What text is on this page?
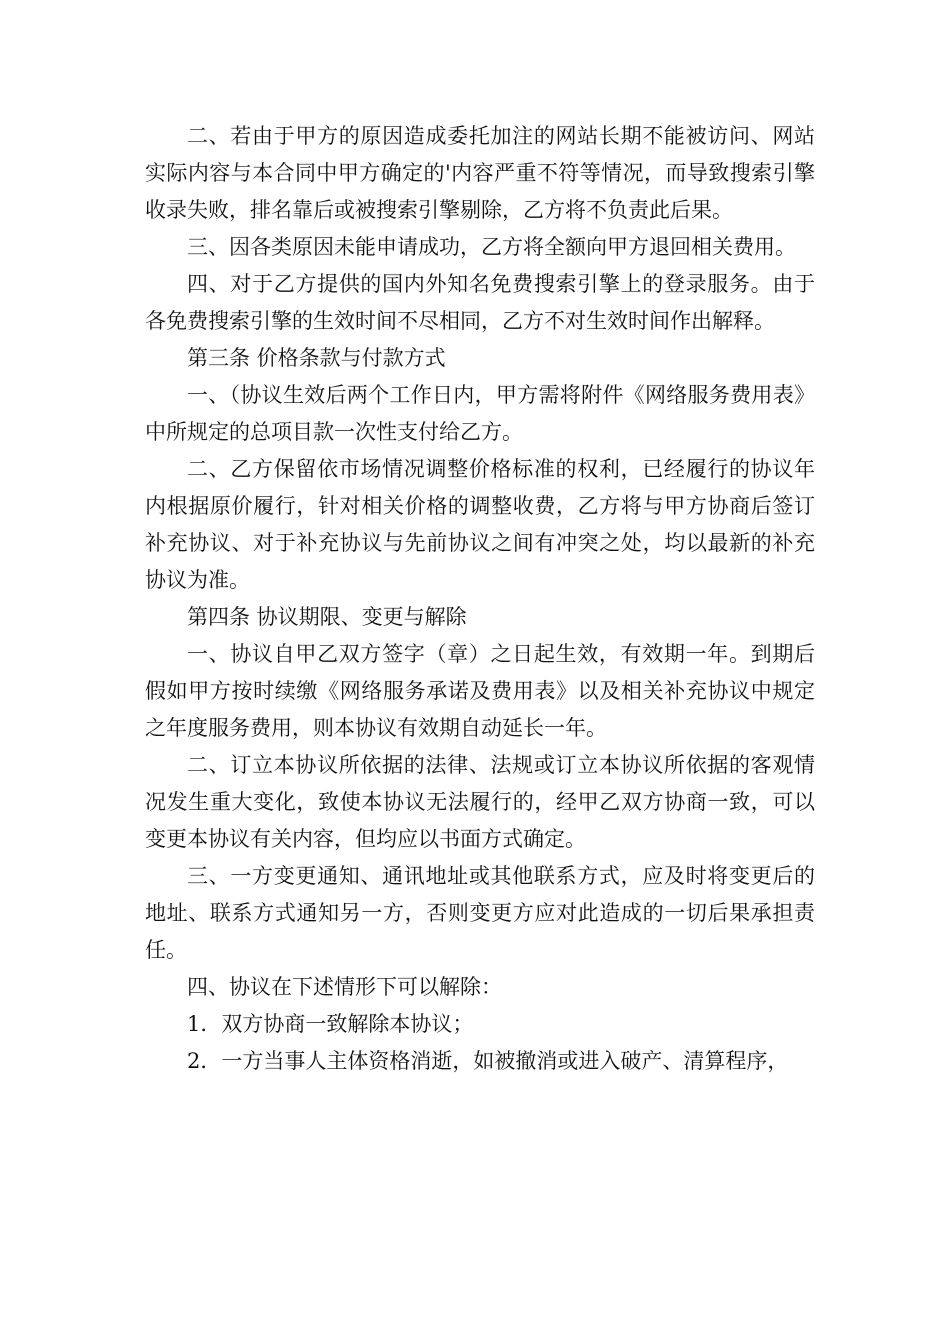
二、若由于甲方的原因造成委托加注的网站长期不能被访问、网站实际内容与本合同中甲方确定的'内容严重不符等情况，而导致搜索引擎收录失败，排名靠后或被搜索引擎剔除，乙方将不负责此后果。

三、因各类原因未能申请成功，乙方将全额向甲方退回相关费用。

四、对于乙方提供的国内外知名免费搜索引擎上的登录服务。由于各免费搜索引擎的生效时间不尽相同，乙方不对生效时间作出解释。

第三条 价格条款与付款方式

一、（协议生效后两个工作日内，甲方需将附件《网络服务费用表》中所规定的总项目款一次性支付给乙方。

二、乙方保留依市场情况调整价格标准的权利，已经履行的协议年内根据原价履行，针对相关价格的调整收费，乙方将与甲方协商后签订补充协议、对于补充协议与先前协议之间有冲突之处，均以最新的补充协议为准。

第四条 协议期限、变更与解除

一、协议自甲乙双方签字（章）之日起生效，有效期一年。到期后假如甲方按时续缴《网络服务承诺及费用表》以及相关补充协议中规定之年度服务费用，则本协议有效期自动延长一年。

二、订立本协议所依据的法律、法规或订立本协议所依据的客观情况发生重大变化，致使本协议无法履行的，经甲乙双方协商一致，可以变更本协议有关内容，但均应以书面方式确定。

三、一方变更通知、通讯地址或其他联系方式，应及时将变更后的地址、联系方式通知另一方，否则变更方应对此造成的一切后果承担责任。

四、协议在下述情形下可以解除：

1．双方协商一致解除本协议；

2．一方当事人主体资格消逝，如被撤消或进入破产、清算程序，
